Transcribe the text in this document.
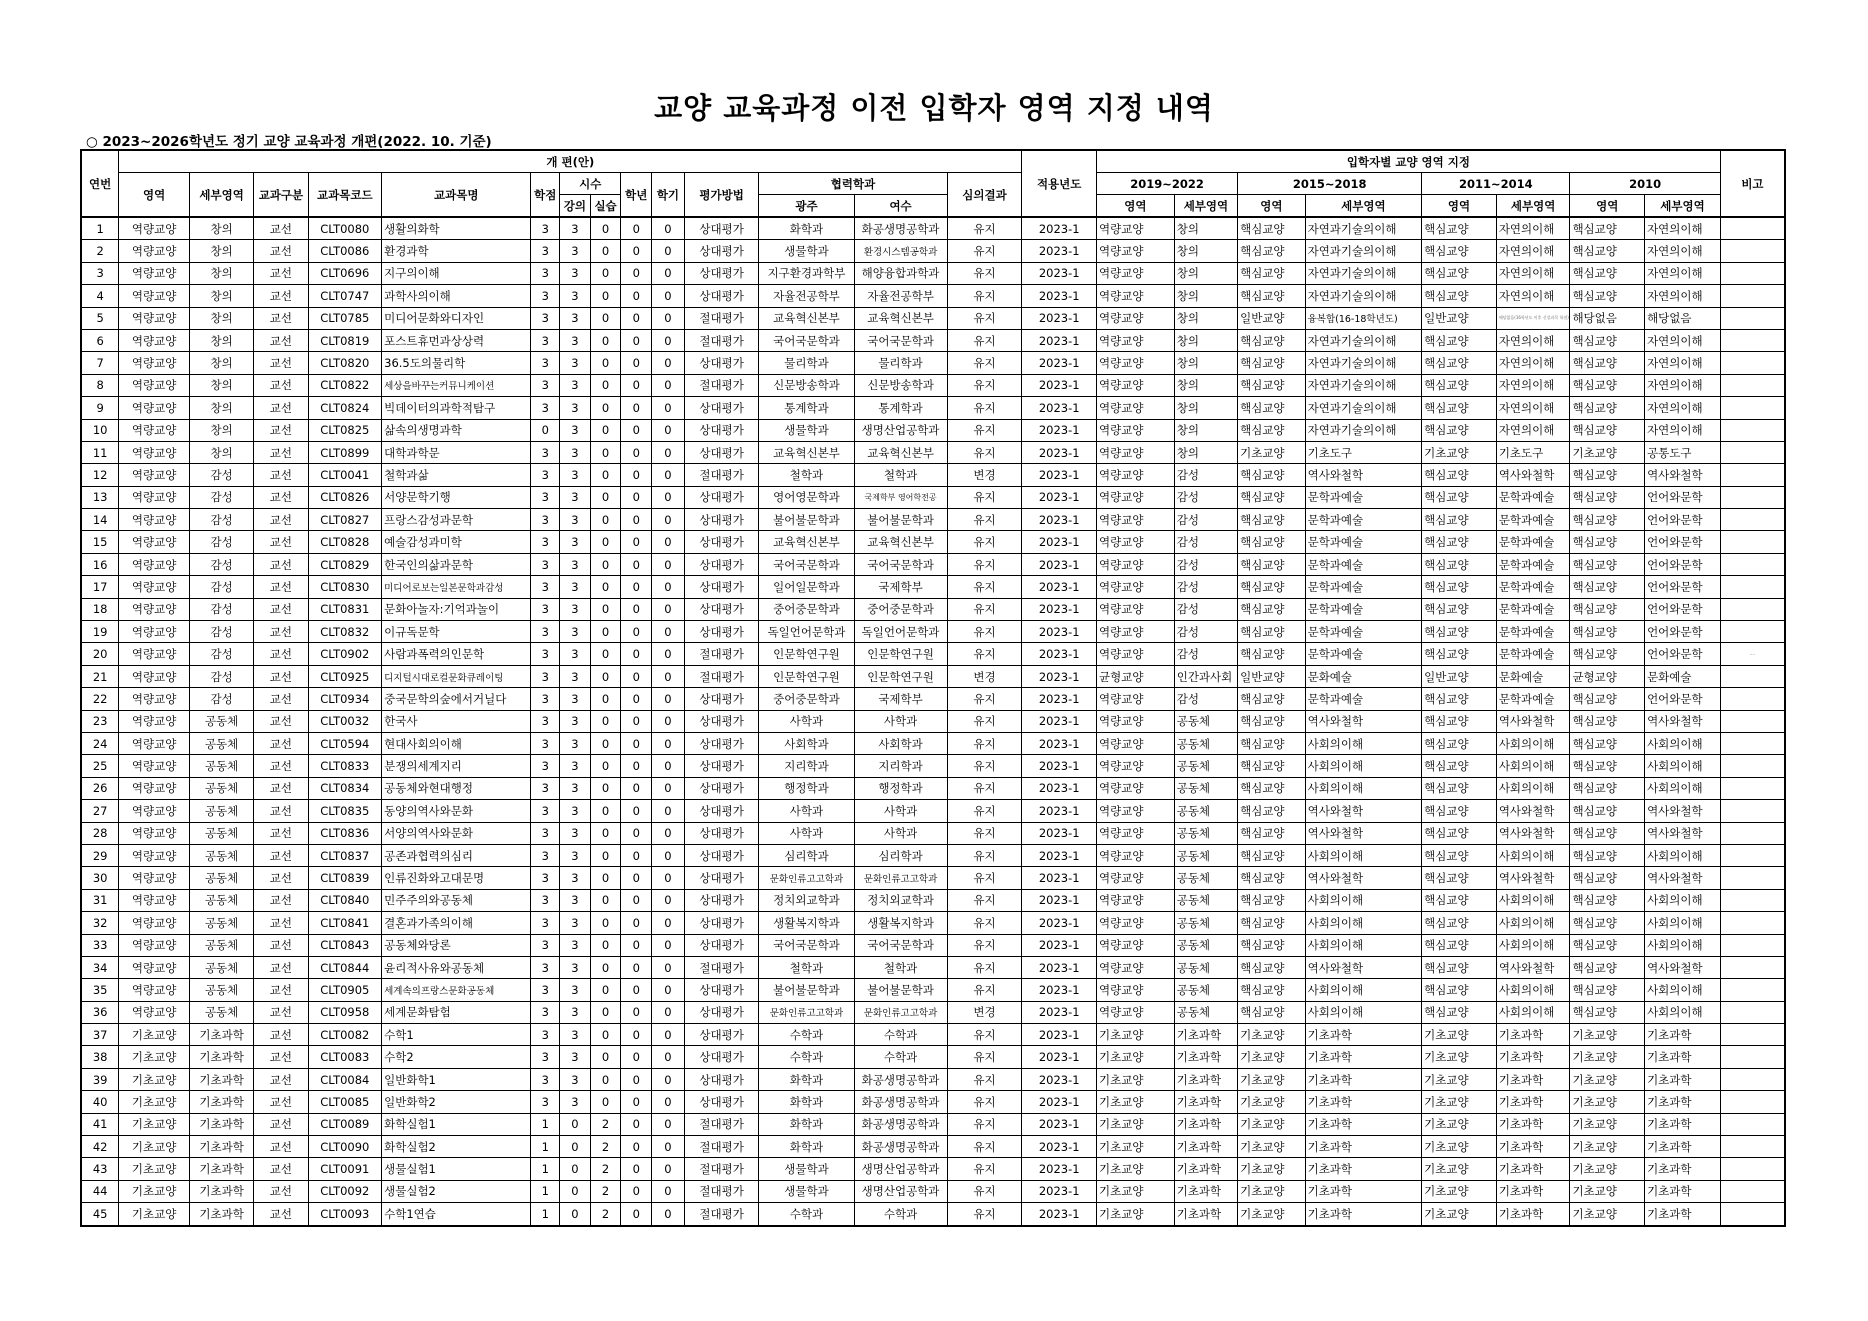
교양 교육과정 이전 입학자 영역 지정 내역
○ 2023~2026학년도 정기 교양 교육과정 개편(2022. 10. 기준)
연번	개 편(안)														적용년도	입학자별 교양 영역 지정								비고
	영역	세부영역	교과구분	교과목코드	교과목명	학점	시수		학년	학기	평가방법	협력학과		심의결과		2019~2022		2015~2018		2011~2014		2010		
							강의	실습				광주	여수			영역	세부영역	영역	세부영역	영역	세부영역	영역	세부영역	
1	역량교양	창의	교선	CLT0080	생활의화학	3	3	0	0	0	상대평가	화학과	화공생명공학과	유지	2023-1	역량교양	창의	핵심교양	자연과기술의이해	핵심교양	자연의이해	핵심교양	자연의이해	
2	역량교양	창의	교선	CLT0086	환경과학	3	3	0	0	0	상대평가	생물학과	환경시스템공학과	유지	2023-1	역량교양	창의	핵심교양	자연과기술의이해	핵심교양	자연의이해	핵심교양	자연의이해	
3	역량교양	창의	교선	CLT0696	지구의이해	3	3	0	0	0	상대평가	지구환경과학부	해양융합과학과	유지	2023-1	역량교양	창의	핵심교양	자연과기술의이해	핵심교양	자연의이해	핵심교양	자연의이해	
4	역량교양	창의	교선	CLT0747	과학사의이해	3	3	0	0	0	상대평가	자율전공학부	자율전공학부	유지	2023-1	역량교양	창의	핵심교양	자연과기술의이해	핵심교양	자연의이해	핵심교양	자연의이해	
5	역량교양	창의	교선	CLT0785	미디어문화와디자인	3	3	0	0	0	절대평가	교육혁신본부	교육혁신본부	유지	2023-1	역량교양	창의	일반교양	융복합(16-18학년도)	일반교양	해당없음(16학년도 이후 신설과목 학점)	해당없음	해당없음	
6	역량교양	창의	교선	CLT0819	포스트휴먼과상상력	3	3	0	0	0	절대평가	국어국문학과	국어국문학과	유지	2023-1	역량교양	창의	핵심교양	자연과기술의이해	핵심교양	자연의이해	핵심교양	자연의이해	
7	역량교양	창의	교선	CLT0820	36.5도의물리학	3	3	0	0	0	상대평가	물리학과	물리학과	유지	2023-1	역량교양	창의	핵심교양	자연과기술의이해	핵심교양	자연의이해	핵심교양	자연의이해	
8	역량교양	창의	교선	CLT0822	세상을바꾸는커뮤니케이션	3	3	0	0	0	절대평가	신문방송학과	신문방송학과	유지	2023-1	역량교양	창의	핵심교양	자연과기술의이해	핵심교양	자연의이해	핵심교양	자연의이해	
9	역량교양	창의	교선	CLT0824	빅데이터의과학적탐구	3	3	0	0	0	상대평가	통계학과	통계학과	유지	2023-1	역량교양	창의	핵심교양	자연과기술의이해	핵심교양	자연의이해	핵심교양	자연의이해	
10	역량교양	창의	교선	CLT0825	삶속의생명과학	0	3	0	0	0	상대평가	생물학과	생명산업공학과	유지	2023-1	역량교양	창의	핵심교양	자연과기술의이해	핵심교양	자연의이해	핵심교양	자연의이해	
11	역량교양	창의	교선	CLT0899	대학과학문	3	3	0	0	0	상대평가	교육혁신본부	교육혁신본부	유지	2023-1	역량교양	창의	기초교양	기초도구	기초교양	기초도구	기초교양	공통도구	
12	역량교양	감성	교선	CLT0041	철학과삶	3	3	0	0	0	절대평가	철학과	철학과	변경	2023-1	역량교양	감성	핵심교양	역사와철학	핵심교양	역사와철학	핵심교양	역사와철학	
13	역량교양	감성	교선	CLT0826	서양문학기행	3	3	0	0	0	상대평가	영어영문학과	국제학부 영어학전공	유지	2023-1	역량교양	감성	핵심교양	문학과예술	핵심교양	문학과예술	핵심교양	언어와문학	
14	역량교양	감성	교선	CLT0827	프랑스감성과문학	3	3	0	0	0	상대평가	불어불문학과	불어불문학과	유지	2023-1	역량교양	감성	핵심교양	문학과예술	핵심교양	문학과예술	핵심교양	언어와문학	
15	역량교양	감성	교선	CLT0828	예술감성과미학	3	3	0	0	0	상대평가	교육혁신본부	교육혁신본부	유지	2023-1	역량교양	감성	핵심교양	문학과예술	핵심교양	문학과예술	핵심교양	언어와문학	
16	역량교양	감성	교선	CLT0829	한국인의삶과문학	3	3	0	0	0	상대평가	국어국문학과	국어국문학과	유지	2023-1	역량교양	감성	핵심교양	문학과예술	핵심교양	문학과예술	핵심교양	언어와문학	
17	역량교양	감성	교선	CLT0830	미디어로보는일본문학과감성	3	3	0	0	0	상대평가	일어일문학과	국제학부	유지	2023-1	역량교양	감성	핵심교양	문학과예술	핵심교양	문학과예술	핵심교양	언어와문학	
18	역량교양	감성	교선	CLT0831	문화아놀자:기억과놀이	3	3	0	0	0	상대평가	중어중문학과	중어중문학과	유지	2023-1	역량교양	감성	핵심교양	문학과예술	핵심교양	문학과예술	핵심교양	언어와문학	
19	역량교양	감성	교선	CLT0832	이규독문학	3	3	0	0	0	상대평가	독일언어문학과	독일언어문학과	유지	2023-1	역량교양	감성	핵심교양	문학과예술	핵심교양	문학과예술	핵심교양	언어와문학	
20	역량교양	감성	교선	CLT0902	사람과폭력의인문학	3	3	0	0	0	절대평가	인문학연구원	인문학연구원	유지	2023-1	역량교양	감성	핵심교양	문학과예술	핵심교양	문학과예술	핵심교양	언어와문학	····
21	역량교양	감성	교선	CLT0925	디지털시대로컬문화큐레이팅	3	3	0	0	0	절대평가	인문학연구원	인문학연구원	변경	2023-1	균형교양	인간과사회	일반교양	문화예술	일반교양	문화예술	균형교양	문화예술	
22	역량교양	감성	교선	CLT0934	중국문학의숲에서거닐다	3	3	0	0	0	상대평가	중어중문학과	국제학부	유지	2023-1	역량교양	감성	핵심교양	문학과예술	핵심교양	문학과예술	핵심교양	언어와문학	
23	역량교양	공동체	교선	CLT0032	한국사	3	3	0	0	0	상대평가	사학과	사학과	유지	2023-1	역량교양	공동체	핵심교양	역사와철학	핵심교양	역사와철학	핵심교양	역사와철학	
24	역량교양	공동체	교선	CLT0594	현대사회의이해	3	3	0	0	0	상대평가	사회학과	사회학과	유지	2023-1	역량교양	공동체	핵심교양	사회의이해	핵심교양	사회의이해	핵심교양	사회의이해	
25	역량교양	공동체	교선	CLT0833	분쟁의세계지리	3	3	0	0	0	상대평가	지리학과	지리학과	유지	2023-1	역량교양	공동체	핵심교양	사회의이해	핵심교양	사회의이해	핵심교양	사회의이해	
26	역량교양	공동체	교선	CLT0834	공동체와현대행정	3	3	0	0	0	상대평가	행정학과	행정학과	유지	2023-1	역량교양	공동체	핵심교양	사회의이해	핵심교양	사회의이해	핵심교양	사회의이해	
27	역량교양	공동체	교선	CLT0835	동양의역사와문화	3	3	0	0	0	상대평가	사학과	사학과	유지	2023-1	역량교양	공동체	핵심교양	역사와철학	핵심교양	역사와철학	핵심교양	역사와철학	
28	역량교양	공동체	교선	CLT0836	서양의역사와문화	3	3	0	0	0	상대평가	사학과	사학과	유지	2023-1	역량교양	공동체	핵심교양	역사와철학	핵심교양	역사와철학	핵심교양	역사와철학	
29	역량교양	공동체	교선	CLT0837	공존과협력의심리	3	3	0	0	0	상대평가	심리학과	심리학과	유지	2023-1	역량교양	공동체	핵심교양	사회의이해	핵심교양	사회의이해	핵심교양	사회의이해	
30	역량교양	공동체	교선	CLT0839	인류진화와고대문명	3	3	0	0	0	상대평가	문화인류고고학과	문화인류고고학과	유지	2023-1	역량교양	공동체	핵심교양	역사와철학	핵심교양	역사와철학	핵심교양	역사와철학	
31	역량교양	공동체	교선	CLT0840	민주주의와공동체	3	3	0	0	0	상대평가	정치외교학과	정치외교학과	유지	2023-1	역량교양	공동체	핵심교양	사회의이해	핵심교양	사회의이해	핵심교양	사회의이해	
32	역량교양	공동체	교선	CLT0841	결혼과가족의이해	3	3	0	0	0	상대평가	생활복지학과	생활복지학과	유지	2023-1	역량교양	공동체	핵심교양	사회의이해	핵심교양	사회의이해	핵심교양	사회의이해	
33	역량교양	공동체	교선	CLT0843	공동체와당론	3	3	0	0	0	상대평가	국어국문학과	국어국문학과	유지	2023-1	역량교양	공동체	핵심교양	사회의이해	핵심교양	사회의이해	핵심교양	사회의이해	
34	역량교양	공동체	교선	CLT0844	윤리적사유와공동체	3	3	0	0	0	절대평가	철학과	철학과	유지	2023-1	역량교양	공동체	핵심교양	역사와철학	핵심교양	역사와철학	핵심교양	역사와철학	
35	역량교양	공동체	교선	CLT0905	세계속의프랑스문화공동체	3	3	0	0	0	상대평가	불어불문학과	불어불문학과	유지	2023-1	역량교양	공동체	핵심교양	사회의이해	핵심교양	사회의이해	핵심교양	사회의이해	
36	역량교양	공동체	교선	CLT0958	세계문화탐험	3	3	0	0	0	상대평가	문화인류고고학과	문화인류고고학과	변경	2023-1	역량교양	공동체	핵심교양	사회의이해	핵심교양	사회의이해	핵심교양	사회의이해	
37	기초교양	기초과학	교선	CLT0082	수학1	3	3	0	0	0	상대평가	수학과	수학과	유지	2023-1	기초교양	기초과학	기초교양	기초과학	기초교양	기초과학	기초교양	기초과학	
38	기초교양	기초과학	교선	CLT0083	수학2	3	3	0	0	0	상대평가	수학과	수학과	유지	2023-1	기초교양	기초과학	기초교양	기초과학	기초교양	기초과학	기초교양	기초과학	
39	기초교양	기초과학	교선	CLT0084	일반화학1	3	3	0	0	0	상대평가	화학과	화공생명공학과	유지	2023-1	기초교양	기초과학	기초교양	기초과학	기초교양	기초과학	기초교양	기초과학	
40	기초교양	기초과학	교선	CLT0085	일반화학2	3	3	0	0	0	상대평가	화학과	화공생명공학과	유지	2023-1	기초교양	기초과학	기초교양	기초과학	기초교양	기초과학	기초교양	기초과학	
41	기초교양	기초과학	교선	CLT0089	화학실험1	1	0	2	0	0	절대평가	화학과	화공생명공학과	유지	2023-1	기초교양	기초과학	기초교양	기초과학	기초교양	기초과학	기초교양	기초과학	
42	기초교양	기초과학	교선	CLT0090	화학실험2	1	0	2	0	0	절대평가	화학과	화공생명공학과	유지	2023-1	기초교양	기초과학	기초교양	기초과학	기초교양	기초과학	기초교양	기초과학	
43	기초교양	기초과학	교선	CLT0091	생물실험1	1	0	2	0	0	절대평가	생물학과	생명산업공학과	유지	2023-1	기초교양	기초과학	기초교양	기초과학	기초교양	기초과학	기초교양	기초과학	
44	기초교양	기초과학	교선	CLT0092	생물실험2	1	0	2	0	0	절대평가	생물학과	생명산업공학과	유지	2023-1	기초교양	기초과학	기초교양	기초과학	기초교양	기초과학	기초교양	기초과학	
45	기초교양	기초과학	교선	CLT0093	수학1연습	1	0	2	0	0	절대평가	수학과	수학과	유지	2023-1	기초교양	기초과학	기초교양	기초과학	기초교양	기초과학	기초교양	기초과학	
